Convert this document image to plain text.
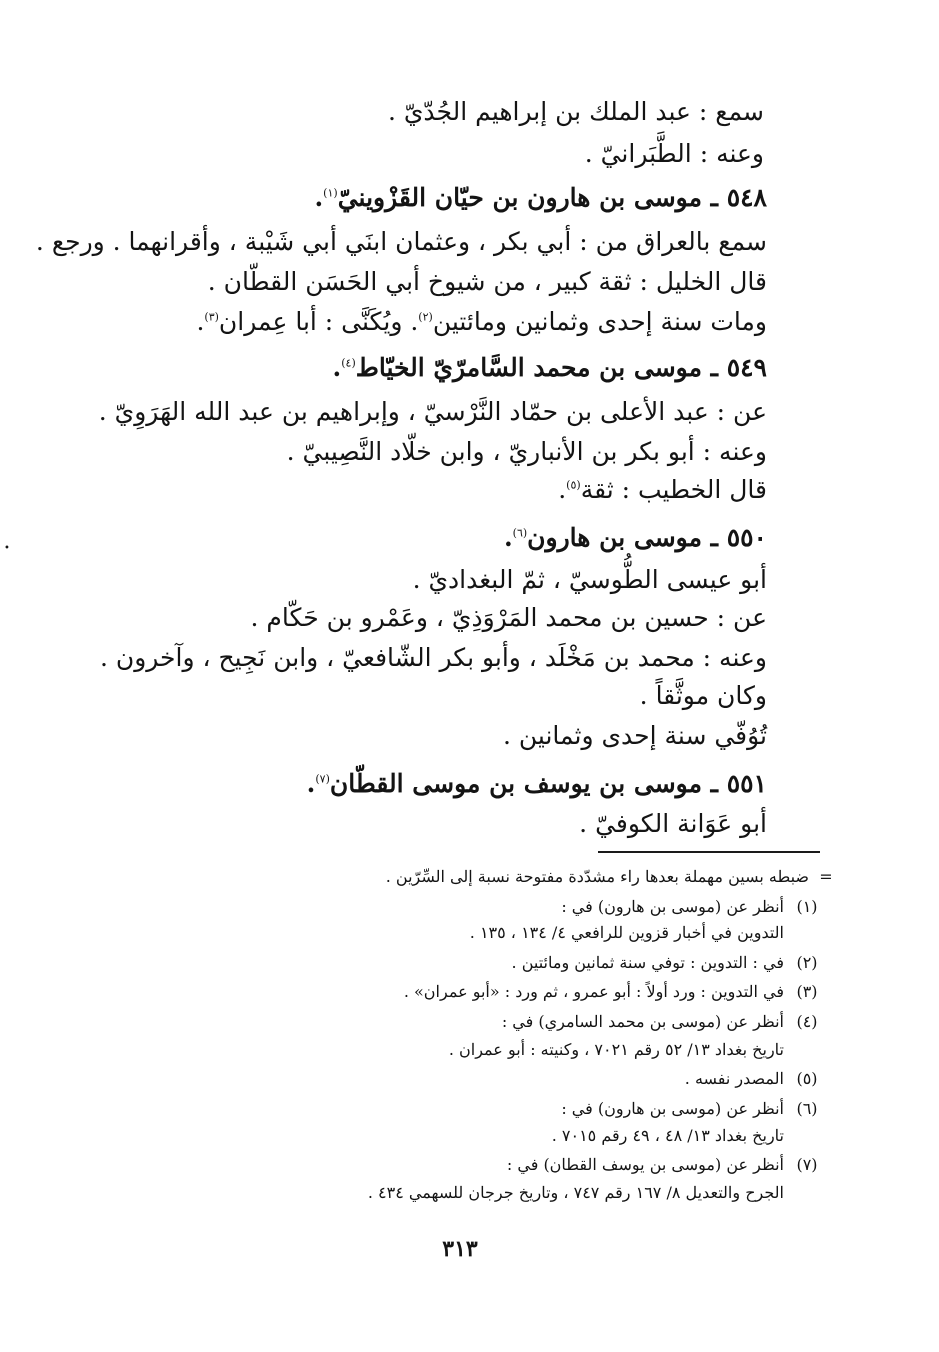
سمع : عبد الملك بن إبراهيم الجُدّيّ .
وعنه : الطَّبَرانيّ .
٥٤٨ ـ موسى بن هارون بن حيّان القَزْوينيّ$^{(١)}$.
سمع بالعراق من : أبي بكر ، وعثمان ابنَي أبي شَيْبة ، وأقرانهما . ورجع .
قال الخليل : ثقة كبير ، من شيوخ أبي الحَسَن القطّان .
ومات سنة إحدى وثمانين ومائتين$^{(٢)}$. ويُكَنَّى : أبا عِمران$^{(٣)}$.
٥٤٩ ـ موسى بن محمد السَّامرّيّ الخيّاط$^{(٤)}$.
عن : عبد الأعلى بن حمّاد النَّرْسيّ ، وإبراهيم بن عبد الله الهَرَوِيّ .
وعنه : أبو بكر بن الأنباريّ ، وابن خلّاد النَّصِيبيّ .
قال الخطيب : ثقة$^{(٥)}$.
٥٥٠ ـ موسى بن هارون$^{(٦)}$.
أبو عيسى الطُّوسيّ ، ثمّ البغداديّ .
عن : حسين بن محمد المَرْوَذِيّ ، وعَمْرو بن حَكّام .
وعنه : محمد بن مَخْلَد ، وأبو بكر الشّافعيّ ، وابن نَجِيح ، وآخرون .
وكان موثَّقاً .
تُوُفّي سنة إحدى وثمانين .
٥٥١ ـ موسى بن يوسف بن موسى القطّان$^{(٧)}$.
أبو عَوَانة الكوفيّ .
=
ضبطه بسين مهملة بعدها راء مشدّدة مفتوحة نسبة إلى السِّرّين .
(١)
أنظر عن (موسى بن هارون) في :
التدوين في أخبار قزوين للرافعي ٤/ ١٣٤ ، ١٣٥ .
(٢)
في : التدوين : توفي سنة ثمانين ومائتين .
(٣)
في التدوين : ورد أولاً : أبو عمرو ، ثم ورد : «أبو عمران» .
(٤)
أنظر عن (موسى بن محمد السامري) في :
تاريخ بغداد ١٣/ ٥٢ رقم ٧٠٢١ ، وكنيته : أبو عمران .
(٥)
المصدر نفسه .
(٦)
أنظر عن (موسى بن هارون) في :
تاريخ بغداد ١٣/ ٤٨ ، ٤٩ رقم ٧٠١٥ .
(٧)
أنظر عن (موسى بن يوسف القطان) في :
الجرح والتعديل ٨/ ١٦٧ رقم ٧٤٧ ، وتاريخ جرجان للسهمي ٤٣٤ .
٣١٣
•
